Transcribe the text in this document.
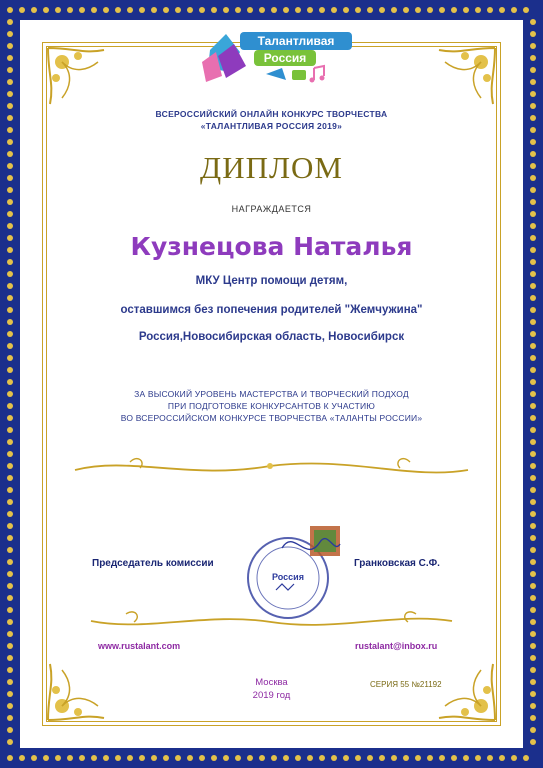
Талантливая
Россия
ВСЕРОССИЙСКИЙ ОНЛАЙН КОНКУРС ТВОРЧЕСТВА
«ТАЛАНТЛИВАЯ РОССИЯ 2019»
ДИПЛОМ
НАГРАЖДАЕТСЯ
Кузнецова Наталья
МКУ Центр помощи детям,
оставшимся без попечения родителей "Жемчужина"
Россия,Новосибирская область, Новосибирск
ЗА ВЫСОКИЙ УРОВЕНЬ МАСТЕРСТВА И ТВОРЧЕСКИЙ ПОДХОД
ПРИ ПОДГОТОВКЕ КОНКУРСАНТОВ К УЧАСТИЮ
ВО ВСЕРОССИЙСКОМ КОНКУРСЕ ТВОРЧЕСТВА «ТАЛАНТЫ РОССИИ»
Россия
Председатель комиссии	Гранковская С.Ф.
www.rustalant.com	rustalant@inbox.ru
Москва
2019 год
СЕРИЯ 55 №21192
